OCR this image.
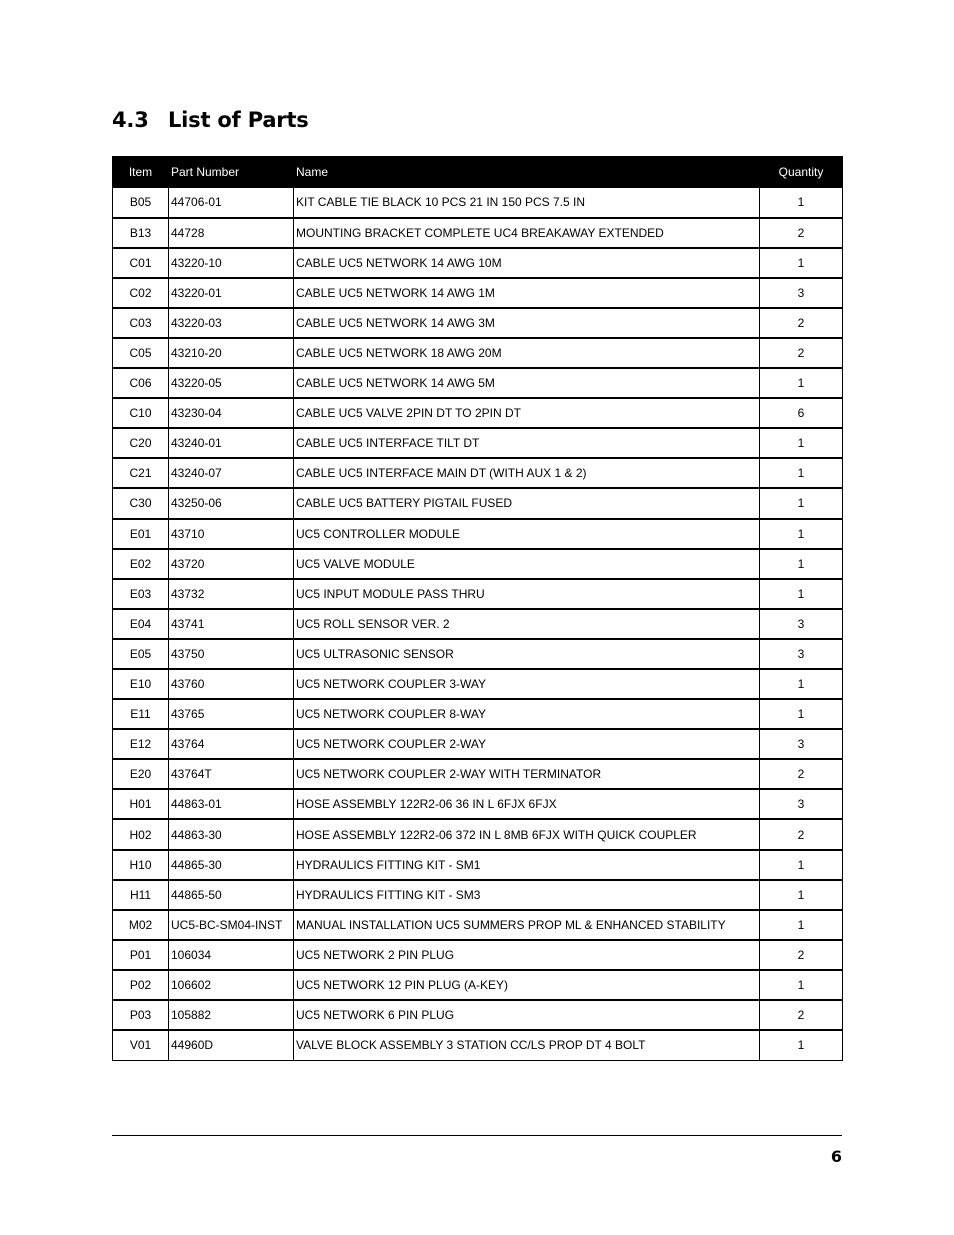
4.3 List of Parts
Item	Part Number	Name	Quantity
B05	44706-01	KIT CABLE TIE BLACK 10 PCS 21 IN 150 PCS 7.5 IN	1
B13	44728	MOUNTING BRACKET COMPLETE UC4 BREAKAWAY EXTENDED	2
C01	43220-10	CABLE UC5 NETWORK 14 AWG 10M	1
C02	43220-01	CABLE UC5 NETWORK 14 AWG 1M	3
C03	43220-03	CABLE UC5 NETWORK 14 AWG 3M	2
C05	43210-20	CABLE UC5 NETWORK 18 AWG 20M	2
C06	43220-05	CABLE UC5 NETWORK 14 AWG 5M	1
C10	43230-04	CABLE UC5 VALVE 2PIN DT TO 2PIN DT	6
C20	43240-01	CABLE UC5 INTERFACE TILT DT	1
C21	43240-07	CABLE UC5 INTERFACE MAIN DT (WITH AUX 1 & 2)	1
C30	43250-06	CABLE UC5 BATTERY PIGTAIL FUSED	1
E01	43710	UC5 CONTROLLER MODULE	1
E02	43720	UC5 VALVE MODULE	1
E03	43732	UC5 INPUT MODULE PASS THRU	1
E04	43741	UC5 ROLL SENSOR VER. 2	3
E05	43750	UC5 ULTRASONIC SENSOR	3
E10	43760	UC5 NETWORK COUPLER 3-WAY	1
E11	43765	UC5 NETWORK COUPLER 8-WAY	1
E12	43764	UC5 NETWORK COUPLER 2-WAY	3
E20	43764T	UC5 NETWORK COUPLER 2-WAY WITH TERMINATOR	2
H01	44863-01	HOSE ASSEMBLY 122R2-06 36 IN L 6FJX 6FJX	3
H02	44863-30	HOSE ASSEMBLY 122R2-06 372 IN L 8MB 6FJX WITH QUICK COUPLER	2
H10	44865-30	HYDRAULICS FITTING KIT - SM1	1
H11	44865-50	HYDRAULICS FITTING KIT - SM3	1
M02	UC5-BC-SM04-INST	MANUAL INSTALLATION UC5 SUMMERS PROP ML & ENHANCED STABILITY	1
P01	106034	UC5 NETWORK 2 PIN PLUG	2
P02	106602	UC5 NETWORK 12 PIN PLUG (A-KEY)	1
P03	105882	UC5 NETWORK 6 PIN PLUG	2
V01	44960D	VALVE BLOCK ASSEMBLY 3 STATION CC/LS PROP DT 4 BOLT	1
6
